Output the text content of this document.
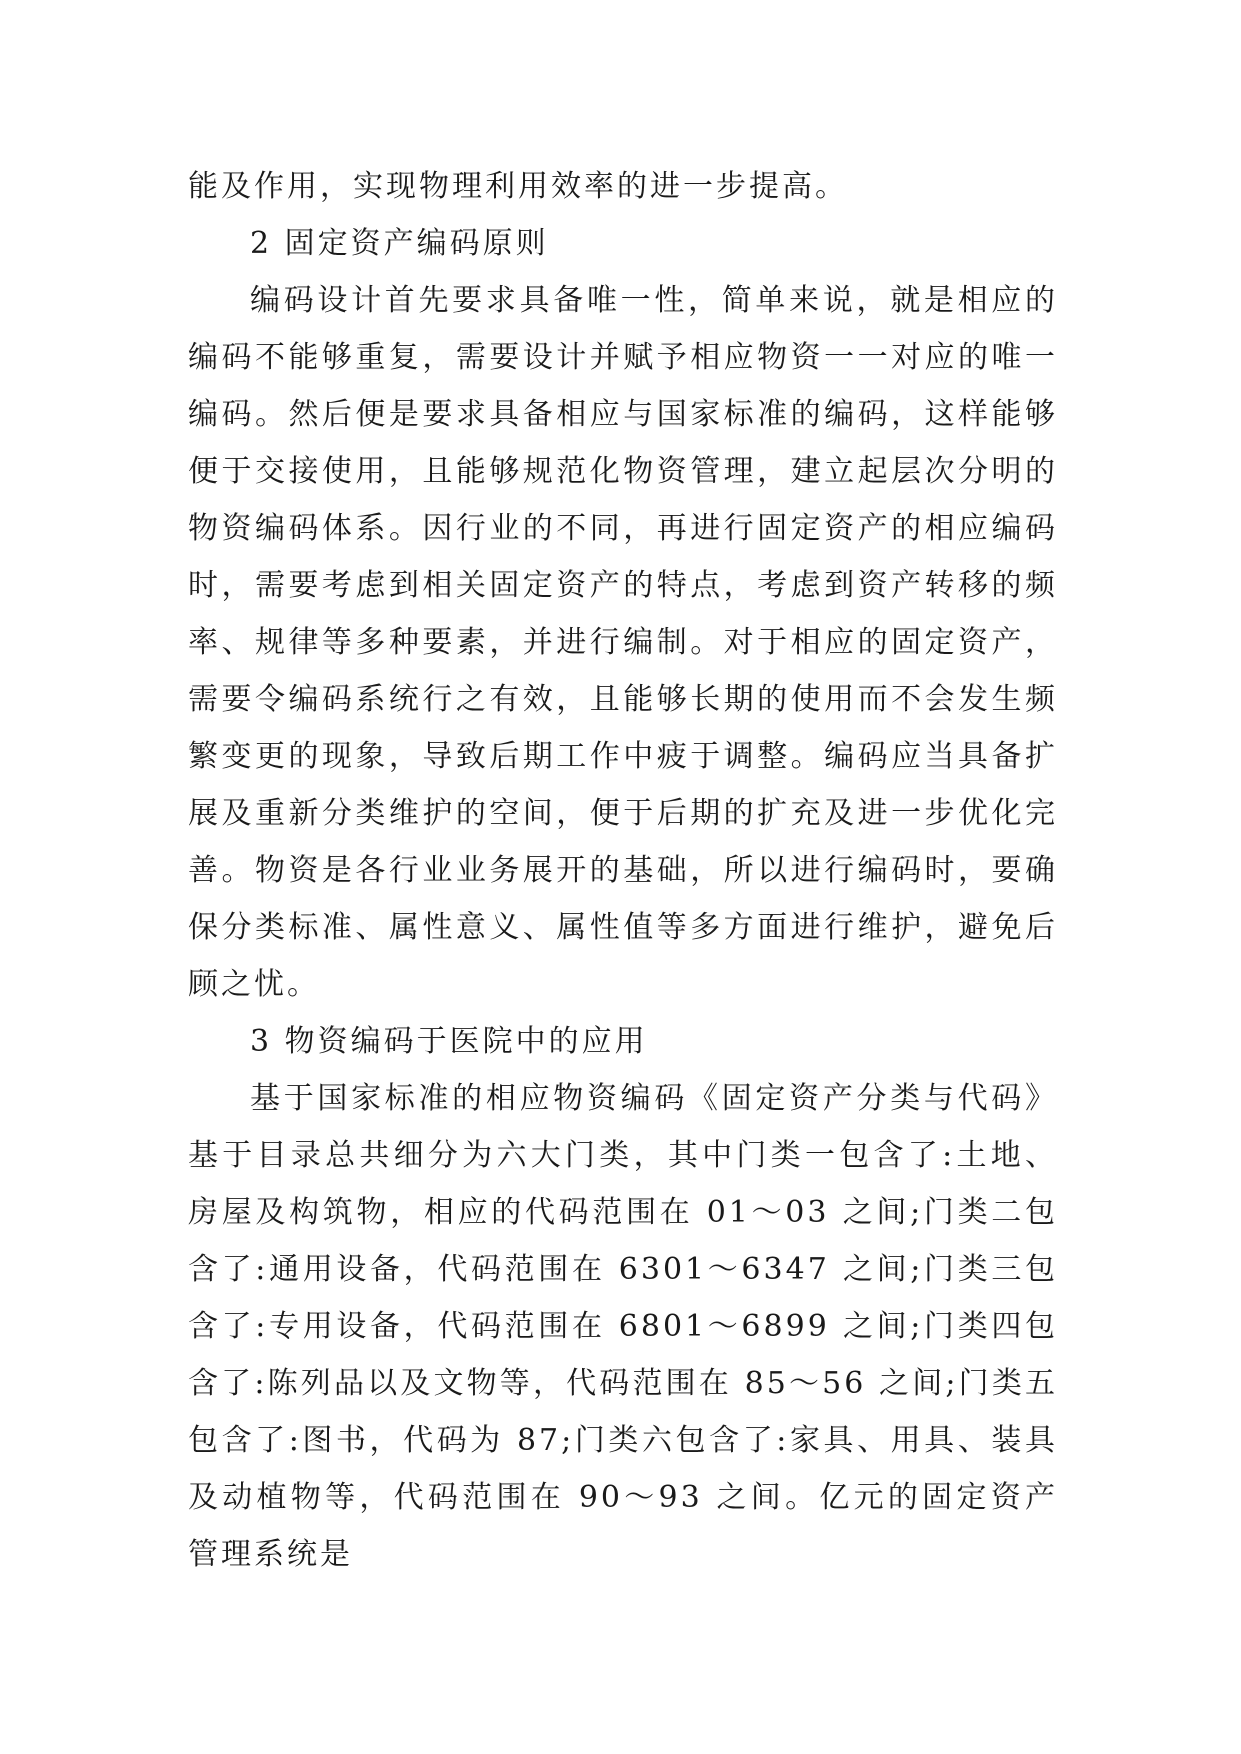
能及作用，实现物理利用效率的进一步提高。

2 固定资产编码原则

编码设计首先要求具备唯一性，简单来说，就是相应的编码不能够重复，需要设计并赋予相应物资一一对应的唯一编码。然后便是要求具备相应与国家标准的编码，这样能够便于交接使用，且能够规范化物资管理，建立起层次分明的物资编码体系。因行业的不同，再进行固定资产的相应编码时，需要考虑到相关固定资产的特点，考虑到资产转移的频率、规律等多种要素，并进行编制。对于相应的固定资产，需要令编码系统行之有效，且能够长期的使用而不会发生频繁变更的现象，导致后期工作中疲于调整。编码应当具备扩展及重新分类维护的空间，便于后期的扩充及进一步优化完善。物资是各行业业务展开的基础，所以进行编码时，要确保分类标准、属性意义、属性值等多方面进行维护，避免后顾之忧。

3 物资编码于医院中的应用

基于国家标准的相应物资编码《固定资产分类与代码》基于目录总共细分为六大门类，其中门类一包含了:土地、房屋及构筑物，相应的代码范围在 01～03 之间;门类二包含了:通用设备，代码范围在 6301～6347 之间;门类三包含了:专用设备，代码范围在 6801～6899 之间;门类四包含了:陈列品以及文物等，代码范围在 85～56 之间;门类五包含了:图书，代码为 87;门类六包含了:家具、用具、装具及动植物等，代码范围在 90～93 之间。亿元的固定资产管理系统是
